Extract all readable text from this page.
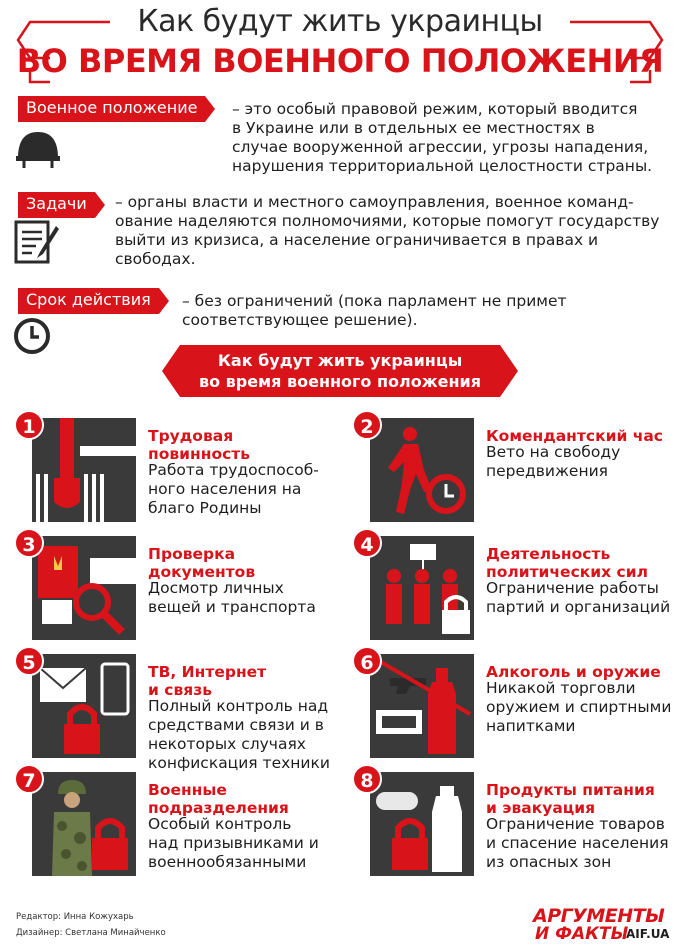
Как будут жить украинцы
ВО ВРЕМЯ ВОЕННОГО ПОЛОЖЕНИЯ
Военное положение	– это особый правовой режим, который вводится
в Украине или в отдельных ее местностях в
случае вооруженной агрессии, угрозы нападения,
нарушения территориальной целостности страны.
Задачи	– органы власти и местного самоуправления, военное команд-
ование наделяются полномочиями, которые помогут государству
выйти из кризиса, а население ограничивается в правах и
свободах.
Срок действия	– без ограничений (пока парламент не примет
соответствующее решение).
Как будут жить украинцы
во время военного положения
1	Трудовая
повинность
Работа трудоспособ-
ного населения на
благо Родины
2	Комендантский час
Вето на свободу
передвижения
3	Проверка
документов
Досмотр личных
вещей и транспорта
4	Деятельность
политических сил
Ограничение работы
партий и организаций
5	ТВ, Интернет
и связь
Полный контроль над
средствами связи и в
некоторых случаях
конфискация техники
6	Алкоголь и оружие
Никакой торговли
оружием и спиртными
напитками
7	Военные
подразделения
Особый контроль
над призывниками и
военнообязанными
8	Продукты питания
и эвакуация
Ограничение товаров
и спасение населения
из опасных зон
Редактор: Инна Кожухарь
Дизайнер: Светлана Минайченко
АРГУМЕНТЫ
И ФАКТЫ
AIF.UA
